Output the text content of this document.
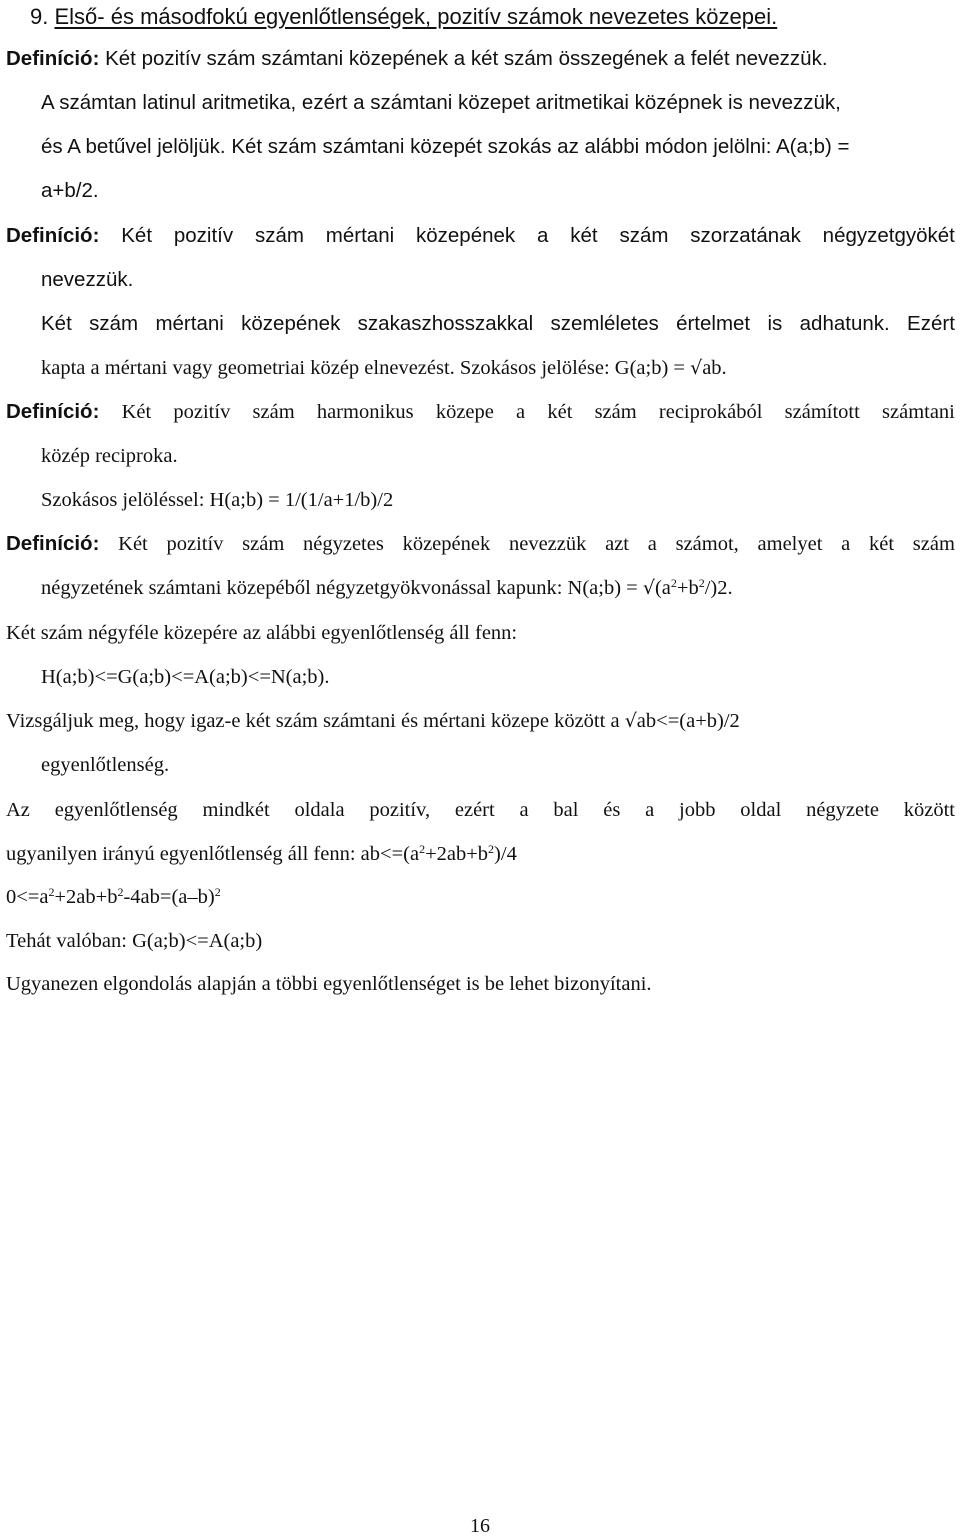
9. Első- és másodfokú egyenlőtlenségek, pozitív számok nevezetes közepei.
Definíció: Két pozitív szám számtani közepének a két szám összegének a felét nevezzük.
A számtan latinul aritmetika, ezért a számtani közepet aritmetikai középnek is nevezzük,
és A betűvel jelöljük. Két szám számtani közepét szokás az alábbi módon jelölni: A(a;b) =
a+b/2.
Definíció: Két pozitív szám mértani közepének a két szám szorzatának négyzetgyökét
nevezzük.
Két szám mértani közepének szakaszhosszakkal szemléletes értelmet is adhatunk. Ezért
kapta a mértani vagy geometriai közép elnevezést. Szokásos jelölése: G(a;b) = √ab.
Definíció: Két pozitív szám harmonikus közepe a két szám reciprokából számított számtani
közép reciproka.
Szokásos jelöléssel: H(a;b) = 1/(1/a+1/b)/2
Definíció: Két pozitív szám négyzetes közepének nevezzük azt a számot, amelyet a két szám
négyzetének számtani közepéből négyzetgyökvonással kapunk: N(a;b) = $√(a^2+b^2/)2$.
Két szám négyféle közepére az alábbi egyenlőtlenség áll fenn:
H(a;b)<=G(a;b)<=A(a;b)<=N(a;b).
Vizsgáljuk meg, hogy igaz-e két szám számtani és mértani közepe között a √ab<=(a+b)/2
egyenlőtlenség.
Az egyenlőtlenség mindkét oldala pozitív, ezért a bal és a jobb oldal négyzete között
ugyanilyen irányú egyenlőtlenség áll fenn: $ab<=(a^2+2ab+b^2)/4$
$0<=a^2+2ab+b^2-4ab=(a-b)^2$
Tehát valóban: G(a;b)<=A(a;b)
Ugyanezen elgondolás alapján a többi egyenlőtlenséget is be lehet bizonyítani.
16
